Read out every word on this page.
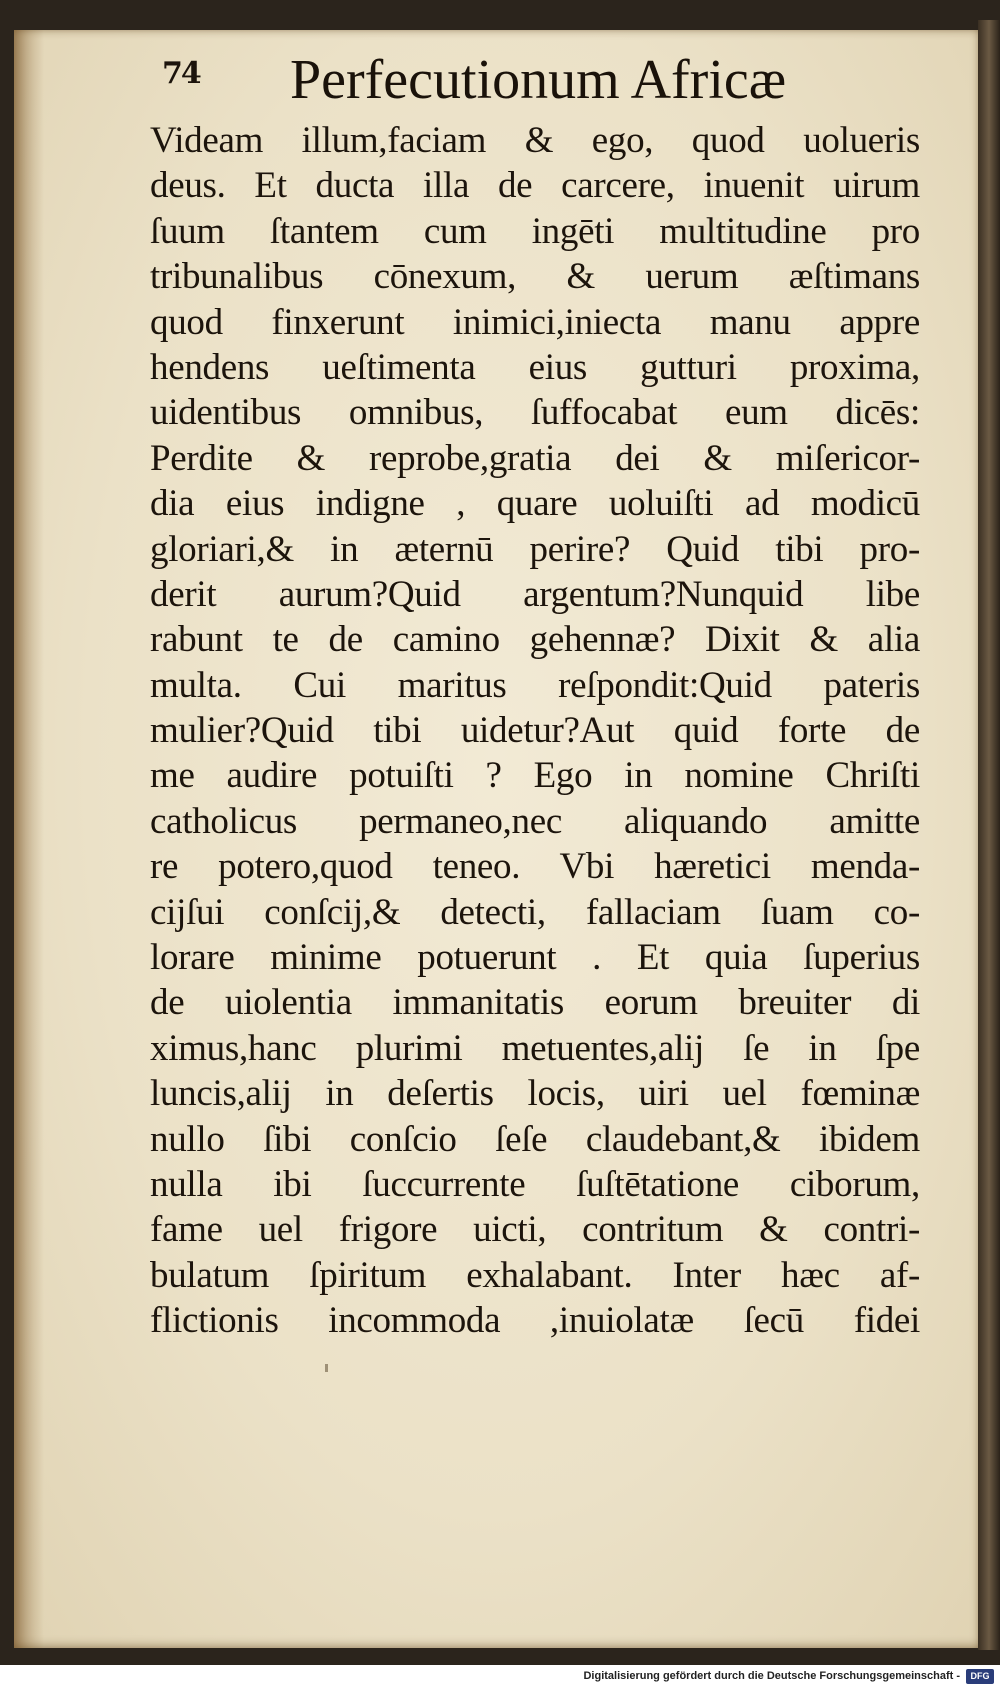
74 Perfecutionum Africæ
Videam illum,faciam & ego, quod uolueris
deus. Et ducta illa de carcere, inuenit uirum
ſuum ſtantem cum ingēti multitudine pro
tribunalibus cōnexum, & uerum æſtimans
quod finxerunt inimici,iniecta manu appre
hendens ueſtimenta eius gutturi proxima,
uidentibus omnibus, ſuffocabat eum dicēs:
Perdite & reprobe,gratia dei & miſericor-
dia eius indigne , quare uoluiſti ad modicū
gloriari,& in æternū perire? Quid tibi pro-
derit aurum?Quid argentum?Nunquid libe
rabunt te de camino gehennæ? Dixit & alia
multa. Cui maritus reſpondit:Quid pateris
mulier?Quid tibi uidetur?Aut quid forte de
me audire potuiſti ? Ego in nomine Chriſti
catholicus permaneo,nec aliquando amitte
re potero,quod teneo. Vbi hæretici menda-
cijſui conſcij,& detecti, fallaciam ſuam co-
lorare minime potuerunt . Et quia ſuperius
de uiolentia immanitatis eorum breuiter di
ximus,hanc plurimi metuentes,alij ſe in ſpe
luncis,alij in deſertis locis, uiri uel fœminæ
nullo ſibi conſcio ſeſe claudebant,& ibidem
nulla ibi ſuccurrente ſuſtētatione ciborum,
fame uel frigore uicti, contritum & contri-
bulatum ſpiritum exhalabant. Inter hæc af-
flictionis incommoda ,inuiolatæ ſecū fidei
Digitalisierung gefördert durch die Deutsche Forschungsgemeinschaft -	DFG
